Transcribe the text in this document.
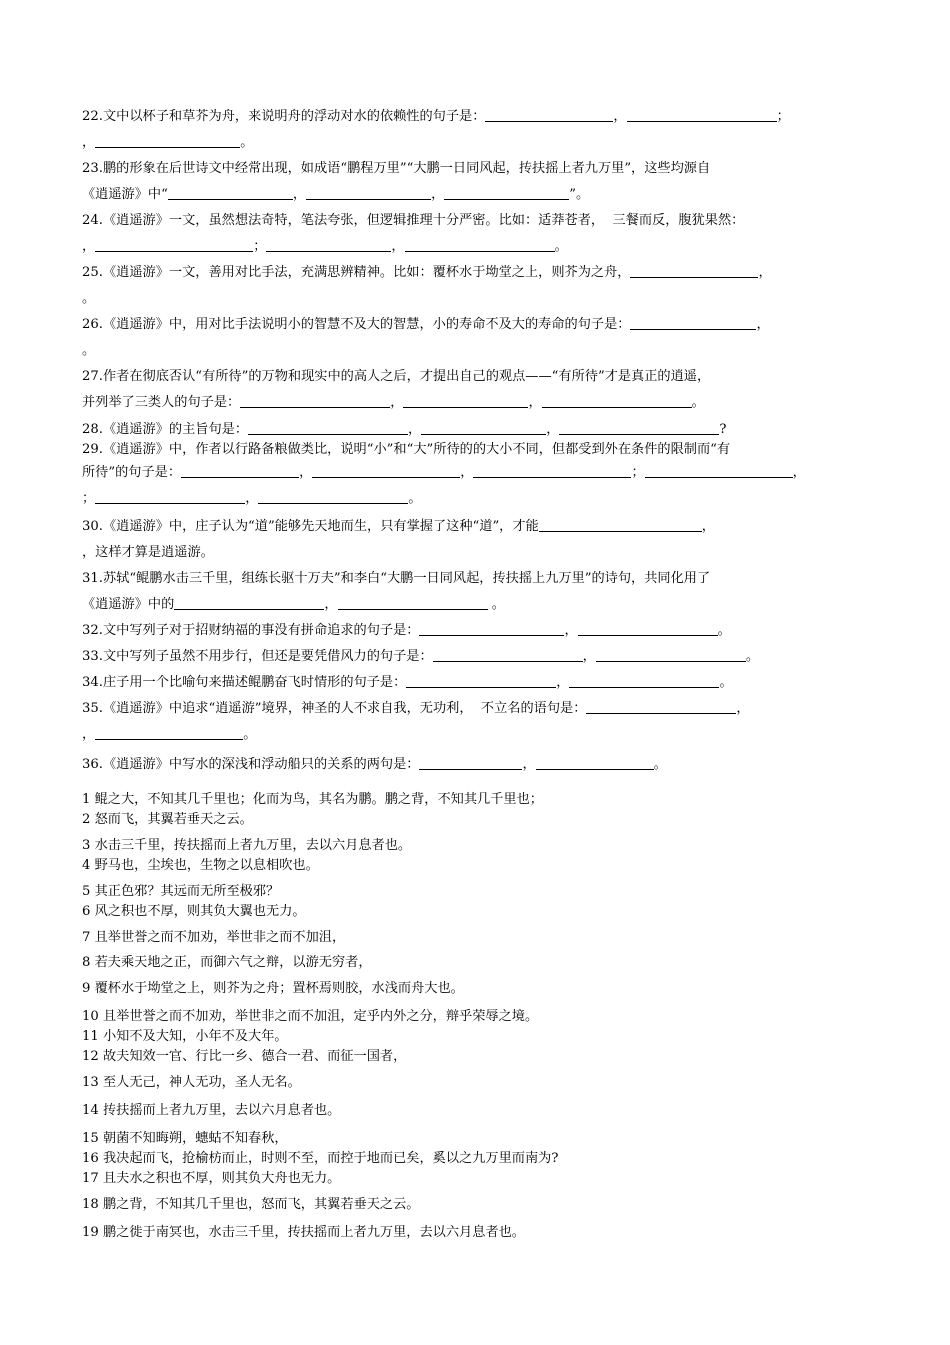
22.文中以杯子和草芥为舟，来说明舟的浮动对水的依赖性的句子是：	，	；

，	。

23.鹏的形象在后世诗文中经常出现，如成语“鹏程万里”“大鹏一日同风起，抟扶摇上者九万里”，这些均源自

《逍遥游》中“	，	，	”。

24.《逍遥游》一文，虽然想法奇特，笔法夸张，但逻辑推理十分严密。比如：适莽苍者，  三餐而反，腹犹果然：

，	；	，	。

25.《逍遥游》一文，善用对比手法，充满思辨精神。比如：覆杯水于坳堂之上，则芥为之舟，	，

。

26.《逍遥游》中，用对比手法说明小的智慧不及大的智慧，小的寿命不及大的寿命的句子是：	，

。

27.作者在彻底否认“有所待”的万物和现实中的高人之后，才提出自己的观点——“有所待”才是真正的逍遥，

并列举了三类人的句子是：	，	，	。

28.《逍遥游》的主旨句是：	，	，	?

29.《逍遥游》中，作者以行路备粮做类比，说明“小”和“大”所待的的大小不同，但都受到外在条件的限制而“有

所待”的句子是：	，	，	；	，

；	，	。

30.《逍遥游》中，庄子认为“道”能够先天地而生，只有掌握了这种“道”，才能	，

，这样才算是逍遥游。

31.苏轼“鲲鹏水击三千里，组练长驱十万夫”和李白“大鹏一日同风起，抟扶摇上九万里”的诗句，共同化用了

《逍遥游》中的	，	。

32.文中写列子对于招财纳福的事没有拼命追求的句子是：	，	。

33.文中写列子虽然不用步行，但还是要凭借风力的句子是：	，	。

34.庄子用一个比喻句来描述鲲鹏奋飞时情形的句子是：	，	。

35.《逍遥游》中追求“逍遥游”境界，神圣的人不求自我，无功利，  不立名的语句是：	，

，	。

36.《逍遥游》中写水的深浅和浮动船只的关系的两句是：	，	。

1 鲲之大，不知其几千里也；化而为鸟，其名为鹏。鹏之背，不知其几千里也；

2 怒而飞，其翼若垂天之云。

3 水击三千里，抟扶摇而上者九万里，去以六月息者也。

4 野马也，尘埃也，生物之以息相吹也。

5 其正色邪？其远而无所至极邪？

6 风之积也不厚，则其负大翼也无力。

7 且举世誉之而不加劝，举世非之而不加沮，

8 若夫乘天地之正，而御六气之辩，以游无穷者，

9 覆杯水于坳堂之上，则芥为之舟；置杯焉则胶，水浅而舟大也。

10 且举世誉之而不加劝，举世非之而不加沮，定乎内外之分，辩乎荣辱之境。

11 小知不及大知，小年不及大年。

12 故夫知效一官、行比一乡、德合一君、而征一国者，

13 至人无己，神人无功，圣人无名。

14 抟扶摇而上者九万里，去以六月息者也。

15 朝菌不知晦朔，蟪蛄不知春秋，

16 我决起而飞，抢榆枋而止，时则不至，而控于地而已矣，奚以之九万里而南为?

17 且夫水之积也不厚，则其负大舟也无力。

18 鹏之背，不知其几千里也，怒而飞，其翼若垂天之云。

19 鹏之徙于南冥也，水击三千里，抟扶摇而上者九万里，去以六月息者也。
